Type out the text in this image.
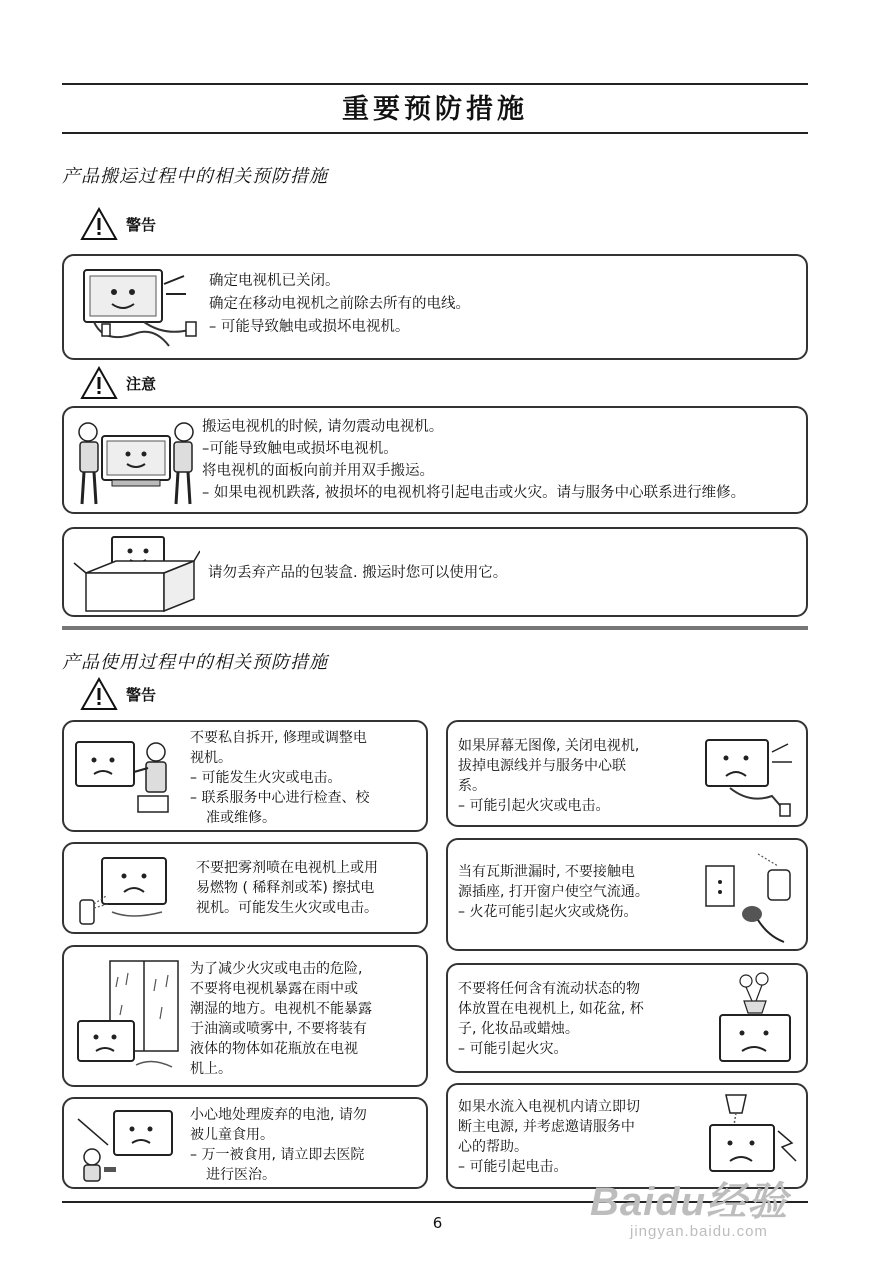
重要预防措施
产品搬运过程中的相关预防措施
警告

确定电视机已关闭。

确定在移动电视机之前除去所有的电线。

– 可能导致触电或损坏电视机。

注意

搬运电视机的时候, 请勿震动电视机。

–可能导致触电或损坏电视机。

将电视机的面板向前并用双手搬运。

– 如果电视机跌落, 被损坏的电视机将引起电击或火灾。请与服务中心联系进行维修。

请勿丢弃产品的包装盒. 搬运时您可以使用它。

产品使用过程中的相关预防措施
警告

不要私自拆开, 修理或调整电

视机。

– 可能发生火灾或电击。

– 联系服务中心进行检查、校

准或维修。

不要把雾剂喷在电视机上或用

易燃物 ( 稀释剂或苯) 擦拭电

视机。可能发生火灾或电击。

为了减少火灾或电击的危险,

不要将电视机暴露在雨中或

潮湿的地方。电视机不能暴露

于油滴或喷雾中, 不要将装有

液体的物体如花瓶放在电视

机上。

小心地处理废弃的电池, 请勿

被儿童食用。

– 万一被食用, 请立即去医院

进行医治。

如果屏幕无图像, 关闭电视机,

拔掉电源线并与服务中心联

系。

– 可能引起火灾或电击。

当有瓦斯泄漏时, 不要接触电

源插座, 打开窗户使空气流通。

– 火花可能引起火灾或烧伤。

不要将任何含有流动状态的物

体放置在电视机上, 如花盆, 杯

子, 化妆品或蜡烛。

– 可能引起火灾。

如果水流入电视机内请立即切

断主电源, 并考虑邀请服务中

心的帮助。

– 可能引起电击。

6	Baidu经验
jingyan.baidu.com
